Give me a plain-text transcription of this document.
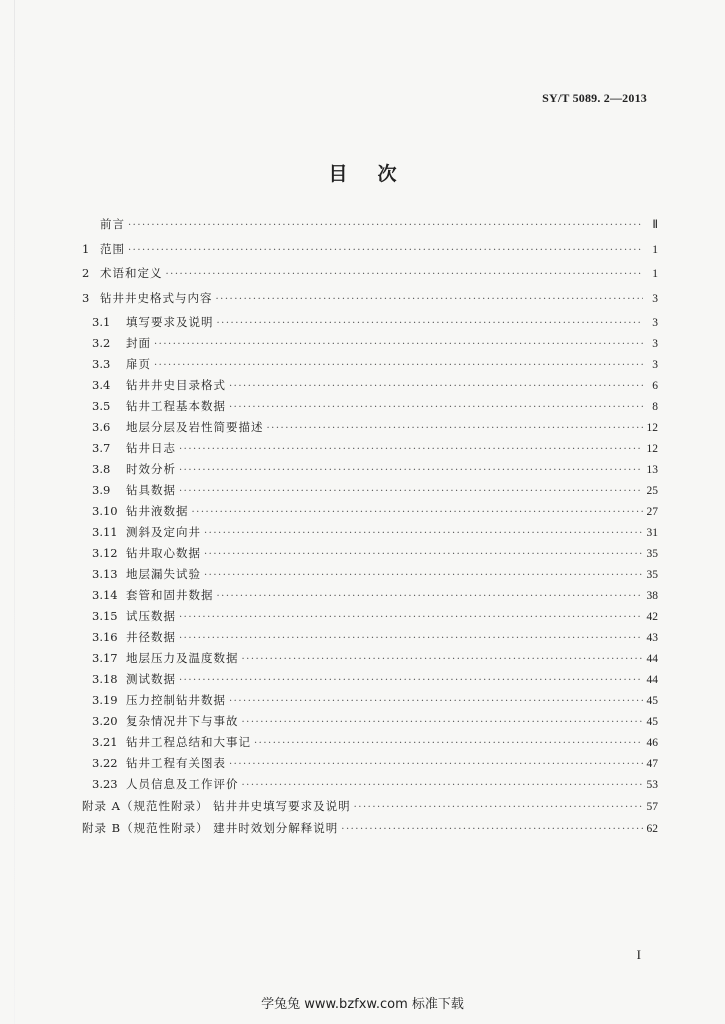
SY/T 5089. 2—2013
目次
前言 ·····	Ⅱ
1 范围 ·····	1
2 术语和定义 ·····	1
3 钻井井史格式与内容 ·····	3
3.1	填写要求及说明 ·····	3
3.2	封面 ·····	3
3.3	扉页 ·····	3
3.4	钻井井史目录格式 ·····	6
3.5	钻井工程基本数据 ·····	8
3.6	地层分层及岩性简要描述 ·····	12
3.7	钻井日志 ·····	12
3.8	时效分析 ·····	13
3.9	钻具数据 ·····	25
3.10 钻井液数据 ·····	27
3.11 测斜及定向井 ·····	31
3.12 钻井取心数据 ·····	35
3.13 地层漏失试验 ·····	35
3.14 套管和固井数据 ·····	38
3.15 试压数据 ·····	42
3.16 井径数据 ·····	43
3.17 地层压力及温度数据 ·····	44
3.18 测试数据 ·····	44
3.19 压力控制钻井数据 ·····	45
3.20 复杂情况井下与事故 ·····	45
3.21 钻井工程总结和大事记 ·····	46
3.22 钻井工程有关图表 ·····	47
3.23 人员信息及工作评价 ·····	53
附录 A（规范性附录） 钻井井史填写要求及说明 ·····	57
附录 B（规范性附录） 建井时效划分解释说明 ·····	62
I
学兔兔 www.bzfxw.com 标准下载
